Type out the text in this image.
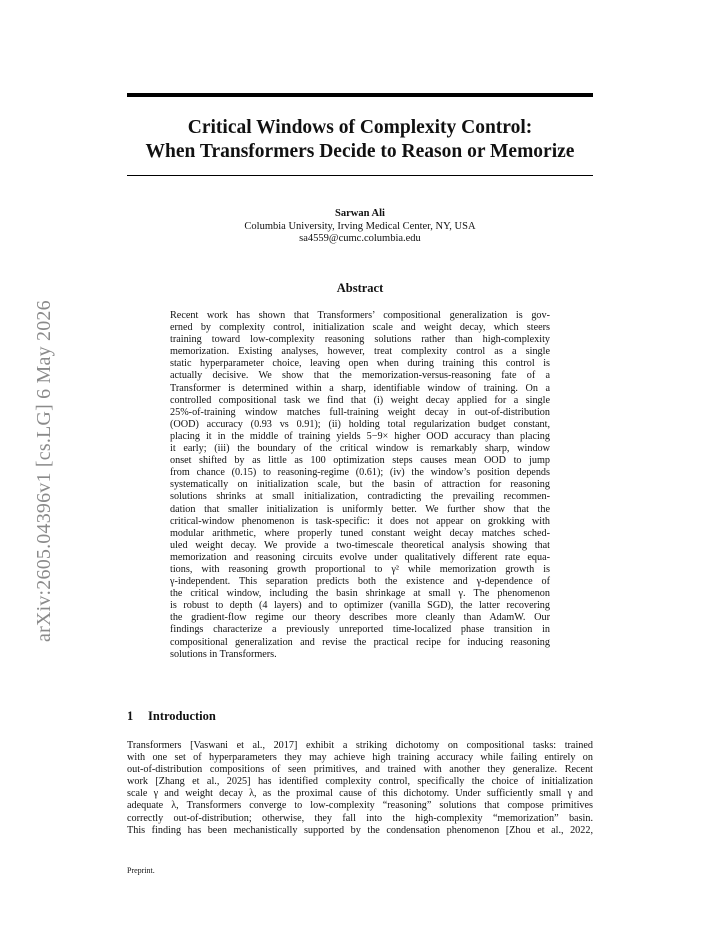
arXiv:2605.04396v1 [cs.LG] 6 May 2026
Critical Windows of Complexity Control:
When Transformers Decide to Reason or Memorize
Sarwan Ali
Columbia University, Irving Medical Center, NY, USA
sa4559@cumc.columbia.edu
Abstract
Recent work has shown that Transformers’ compositional generalization is gov-
erned by complexity control, initialization scale and weight decay, which steers
training toward low-complexity reasoning solutions rather than high-complexity
memorization. Existing analyses, however, treat complexity control as a single
static hyperparameter choice, leaving open when during training this control is
actually decisive. We show that the memorization-versus-reasoning fate of a
Transformer is determined within a sharp, identifiable window of training. On a
controlled compositional task we find that (i) weight decay applied for a single
25%-of-training window matches full-training weight decay in out-of-distribution
(OOD) accuracy (0.93 vs 0.91); (ii) holding total regularization budget constant,
placing it in the middle of training yields 5−9× higher OOD accuracy than placing
it early; (iii) the boundary of the critical window is remarkably sharp, window
onset shifted by as little as 100 optimization steps causes mean OOD to jump
from chance (0.15) to reasoning-regime (0.61); (iv) the window’s position depends
systematically on initialization scale, but the basin of attraction for reasoning
solutions shrinks at small initialization, contradicting the prevailing recommen-
dation that smaller initialization is uniformly better. We further show that the
critical-window phenomenon is task-specific: it does not appear on grokking with
modular arithmetic, where properly tuned constant weight decay matches sched-
uled weight decay. We provide a two-timescale theoretical analysis showing that
memorization and reasoning circuits evolve under qualitatively different rate equa-
tions, with reasoning growth proportional to γ² while memorization growth is
γ-independent. This separation predicts both the existence and γ-dependence of
the critical window, including the basin shrinkage at small γ. The phenomenon
is robust to depth (4 layers) and to optimizer (vanilla SGD), the latter recovering
the gradient-flow regime our theory describes more cleanly than AdamW. Our
findings characterize a previously unreported time-localized phase transition in
compositional generalization and revise the practical recipe for inducing reasoning
solutions in Transformers.
1 Introduction
Transformers [Vaswani et al., 2017] exhibit a striking dichotomy on compositional tasks: trained
with one set of hyperparameters they may achieve high training accuracy while failing entirely on
out-of-distribution compositions of seen primitives, and trained with another they generalize. Recent
work [Zhang et al., 2025] has identified complexity control, specifically the choice of initialization
scale γ and weight decay λ, as the proximal cause of this dichotomy. Under sufficiently small γ and
adequate λ, Transformers converge to low-complexity “reasoning” solutions that compose primitives
correctly out-of-distribution; otherwise, they fall into the high-complexity “memorization” basin.
This finding has been mechanistically supported by the condensation phenomenon [Zhou et al., 2022,
Preprint.
